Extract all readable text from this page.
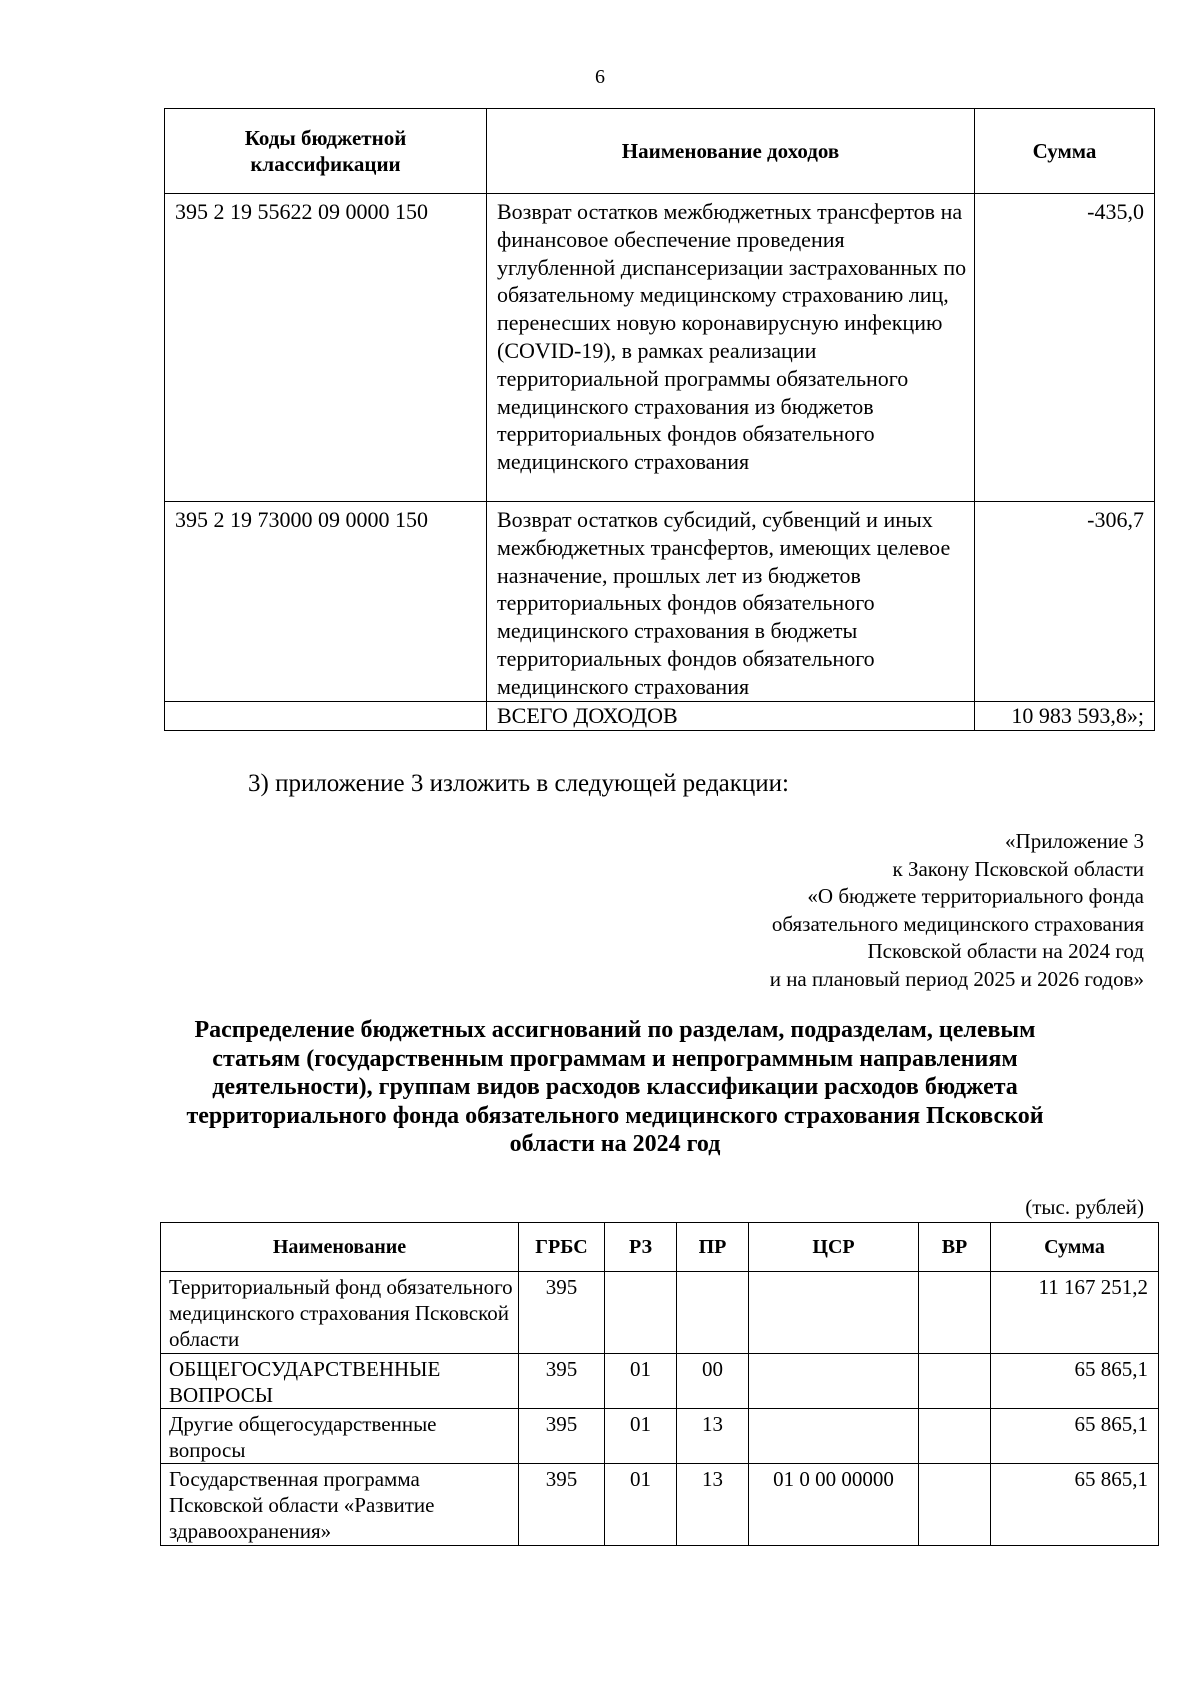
6
Коды бюджетной классификации	Наименование доходов	Сумма
395 2 19 55622 09 0000 150	Возврат остатков межбюджетных трансфертов на финансовое обеспечение проведения углубленной диспансеризации застрахованных по обязательному медицинскому страхованию лиц, перенесших новую коронавирусную инфекцию (COVID-19), в рамках реализации территориальной программы обязательного медицинского страхования из бюджетов территориальных фондов обязательного медицинского страхования	-435,0
395 2 19 73000 09 0000 150	Возврат остатков субсидий, субвенций и иных межбюджетных трансфертов, имеющих целевое назначение, прошлых лет из бюджетов территориальных фондов обязательного медицинского страхования в бюджеты территориальных фондов обязательного медицинского страхования	-306,7
	ВСЕГО ДОХОДОВ	10 983 593,8»;
3) приложение 3 изложить в следующей редакции:
«Приложение 3
к Закону Псковской области
«О бюджете территориального фонда
обязательного медицинского страхования
Псковской области на 2024 год
и на плановый период 2025 и 2026 годов»
Распределение бюджетных ассигнований по разделам, подразделам, целевым статьям (государственным программам и непрограммным направлениям деятельности), группам видов расходов классификации расходов бюджета территориального фонда обязательного медицинского страхования Псковской области на 2024 год
(тыс. рублей)
Наименование	ГРБС	РЗ	ПР	ЦСР	ВР	Сумма
Территориальный фонд обязательного медицинского страхования Псковской области	395					11 167 251,2
ОБЩЕГОСУДАРСТВЕННЫЕ ВОПРОСЫ	395	01	00			65 865,1
Другие общегосударственные вопросы	395	01	13			65 865,1
Государственная программа Псковской области «Развитие здравоохранения»	395	01	13	01 0 00 00000		65 865,1
